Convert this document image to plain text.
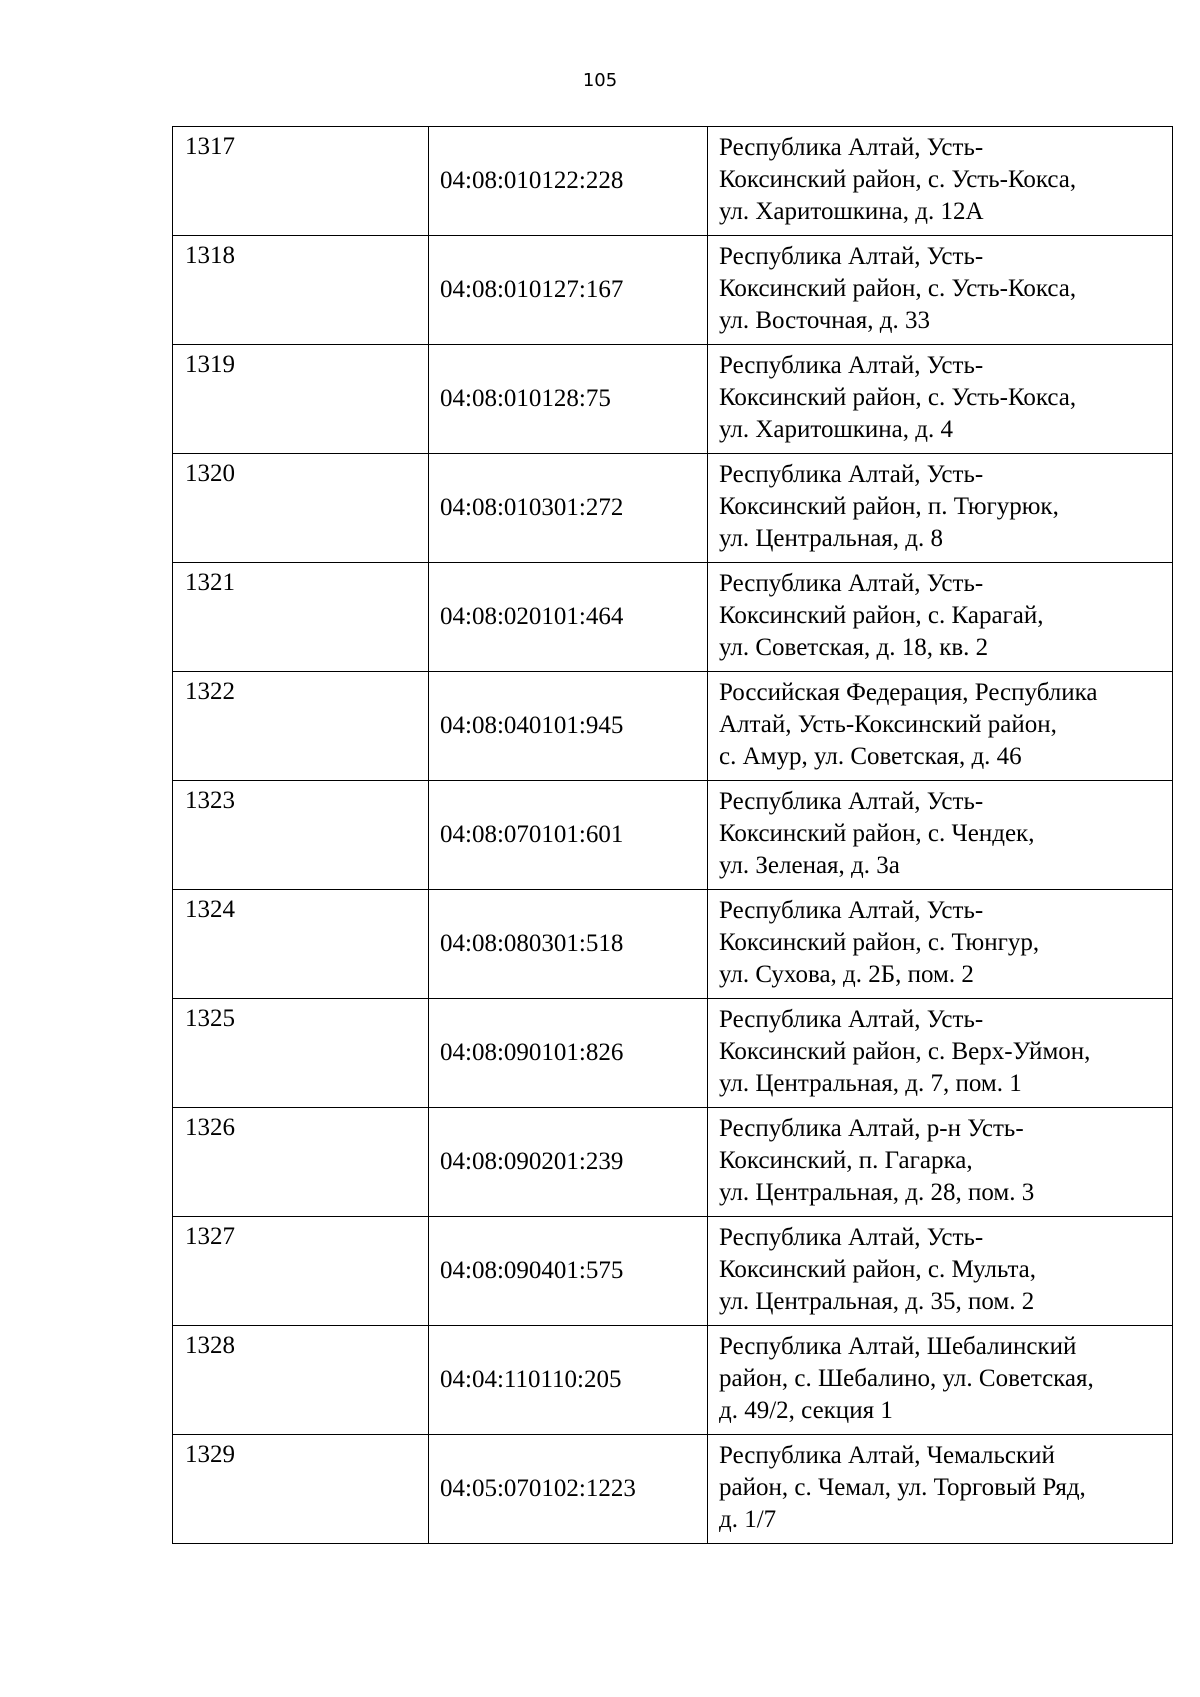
105
1317	04:08:010122:228	Республика Алтай, Усть-
Коксинский район, с. Усть-Кокса,
ул. Харитошкина, д. 12А

1318	04:08:010127:167	Республика Алтай, Усть-
Коксинский район, с. Усть-Кокса,
ул. Восточная, д. 33

1319	04:08:010128:75	Республика Алтай, Усть-
Коксинский район, с. Усть-Кокса,
ул. Харитошкина, д. 4

1320	04:08:010301:272	Республика Алтай, Усть-
Коксинский район, п. Тюгурюк,
ул. Центральная, д. 8

1321	04:08:020101:464	Республика Алтай, Усть-
Коксинский район, с. Карагай,
ул. Советская, д. 18, кв. 2

1322	04:08:040101:945	Российская Федерация, Республика
Алтай, Усть-Коксинский район,
с. Амур, ул. Советская, д. 46

1323	04:08:070101:601	Республика Алтай, Усть-
Коксинский район, с. Чендек,
ул. Зеленая, д. 3а

1324	04:08:080301:518	Республика Алтай, Усть-
Коксинский район, с. Тюнгур,
ул. Сухова, д. 2Б, пом. 2

1325	04:08:090101:826	Республика Алтай, Усть-
Коксинский район, с. Верх-Уймон,
ул. Центральная, д. 7, пом. 1

1326	04:08:090201:239	Республика Алтай, р-н Усть-
Коксинский, п. Гагарка,
ул. Центральная, д. 28, пом. 3

1327	04:08:090401:575	Республика Алтай, Усть-
Коксинский район, с. Мульта,
ул. Центральная, д. 35, пом. 2

1328	04:04:110110:205	Республика Алтай, Шебалинский
район, с. Шебалино, ул. Советская,
д. 49/2, секция 1

1329	04:05:070102:1223	Республика Алтай, Чемальский
район, с. Чемал, ул. Торговый Ряд,
д. 1/7
